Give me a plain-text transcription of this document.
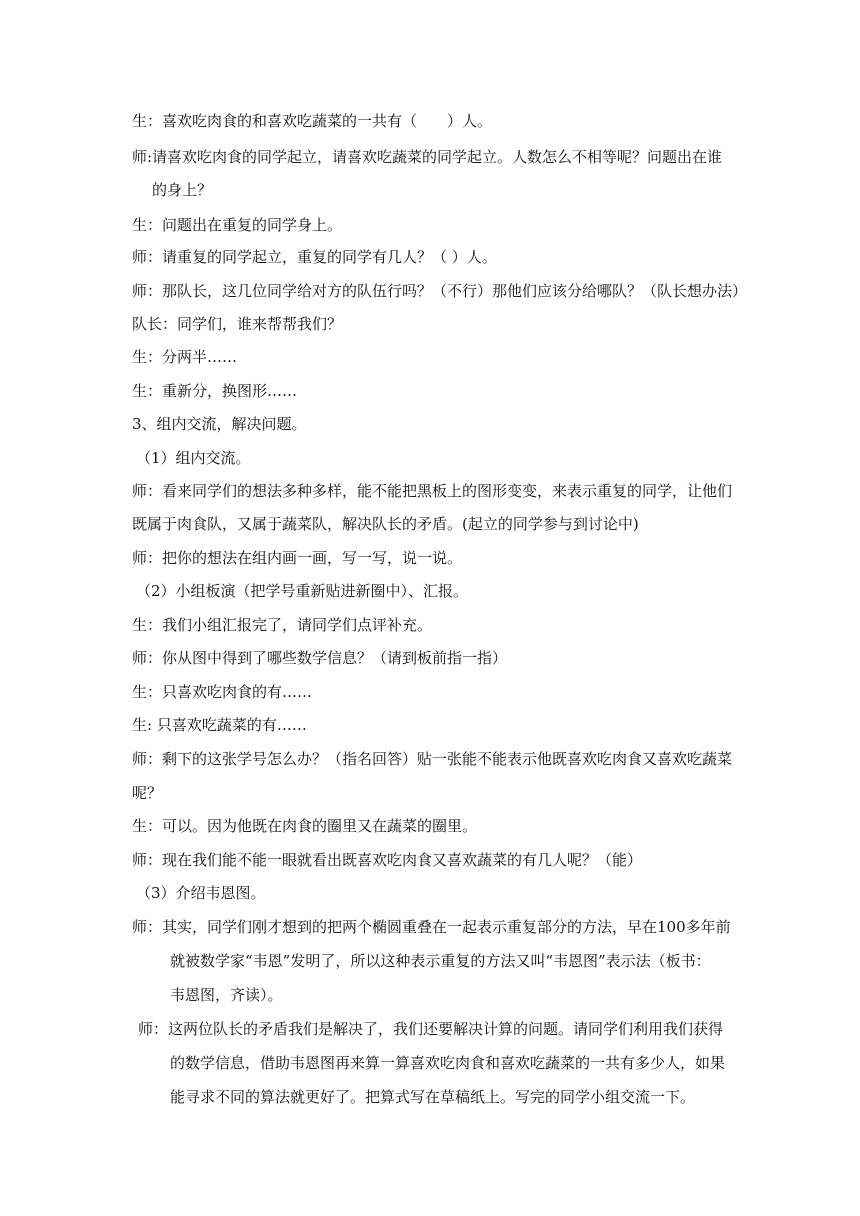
生：喜欢吃肉食的和喜欢吃蔬菜的一共有（　　）人。
师:请喜欢吃肉食的同学起立，请喜欢吃蔬菜的同学起立。人数怎么不相等呢？问题出在谁
的身上？
生：问题出在重复的同学身上。
师：请重复的同学起立，重复的同学有几人？（ ）人。
师：那队长，这几位同学给对方的队伍行吗？（不行）那他们应该分给哪队？（队长想办法）
队长：同学们，谁来帮帮我们？
生：分两半……
生：重新分，换图形……
3、组内交流，解决问题。
（1）组内交流。
师：看来同学们的想法多种多样，能不能把黑板上的图形变变，来表示重复的同学，让他们
既属于肉食队，又属于蔬菜队，解决队长的矛盾。(起立的同学参与到讨论中)
师：把你的想法在组内画一画，写一写，说一说。
（2）小组板演（把学号重新贴进新圈中）、汇报。
生：我们小组汇报完了，请同学们点评补充。
师：你从图中得到了哪些数学信息？（请到板前指一指）
生：只喜欢吃肉食的有……
生: 只喜欢吃蔬菜的有……
师：剩下的这张学号怎么办？（指名回答）贴一张能不能表示他既喜欢吃肉食又喜欢吃蔬菜
呢？
生：可以。因为他既在肉食的圈里又在蔬菜的圈里。
师：现在我们能不能一眼就看出既喜欢吃肉食又喜欢蔬菜的有几人呢？（能）
（3）介绍韦恩图。
师：其实，同学们刚才想到的把两个椭圆重叠在一起表示重复部分的方法，早在100多年前
就被数学家“韦恩”发明了，所以这种表示重复的方法又叫“韦恩图”表示法（板书：
韦恩图，齐读）。
师：这两位队长的矛盾我们是解决了，我们还要解决计算的问题。请同学们利用我们获得
的数学信息，借助韦恩图再来算一算喜欢吃肉食和喜欢吃蔬菜的一共有多少人，如果
能寻求不同的算法就更好了。把算式写在草稿纸上。写完的同学小组交流一下。
